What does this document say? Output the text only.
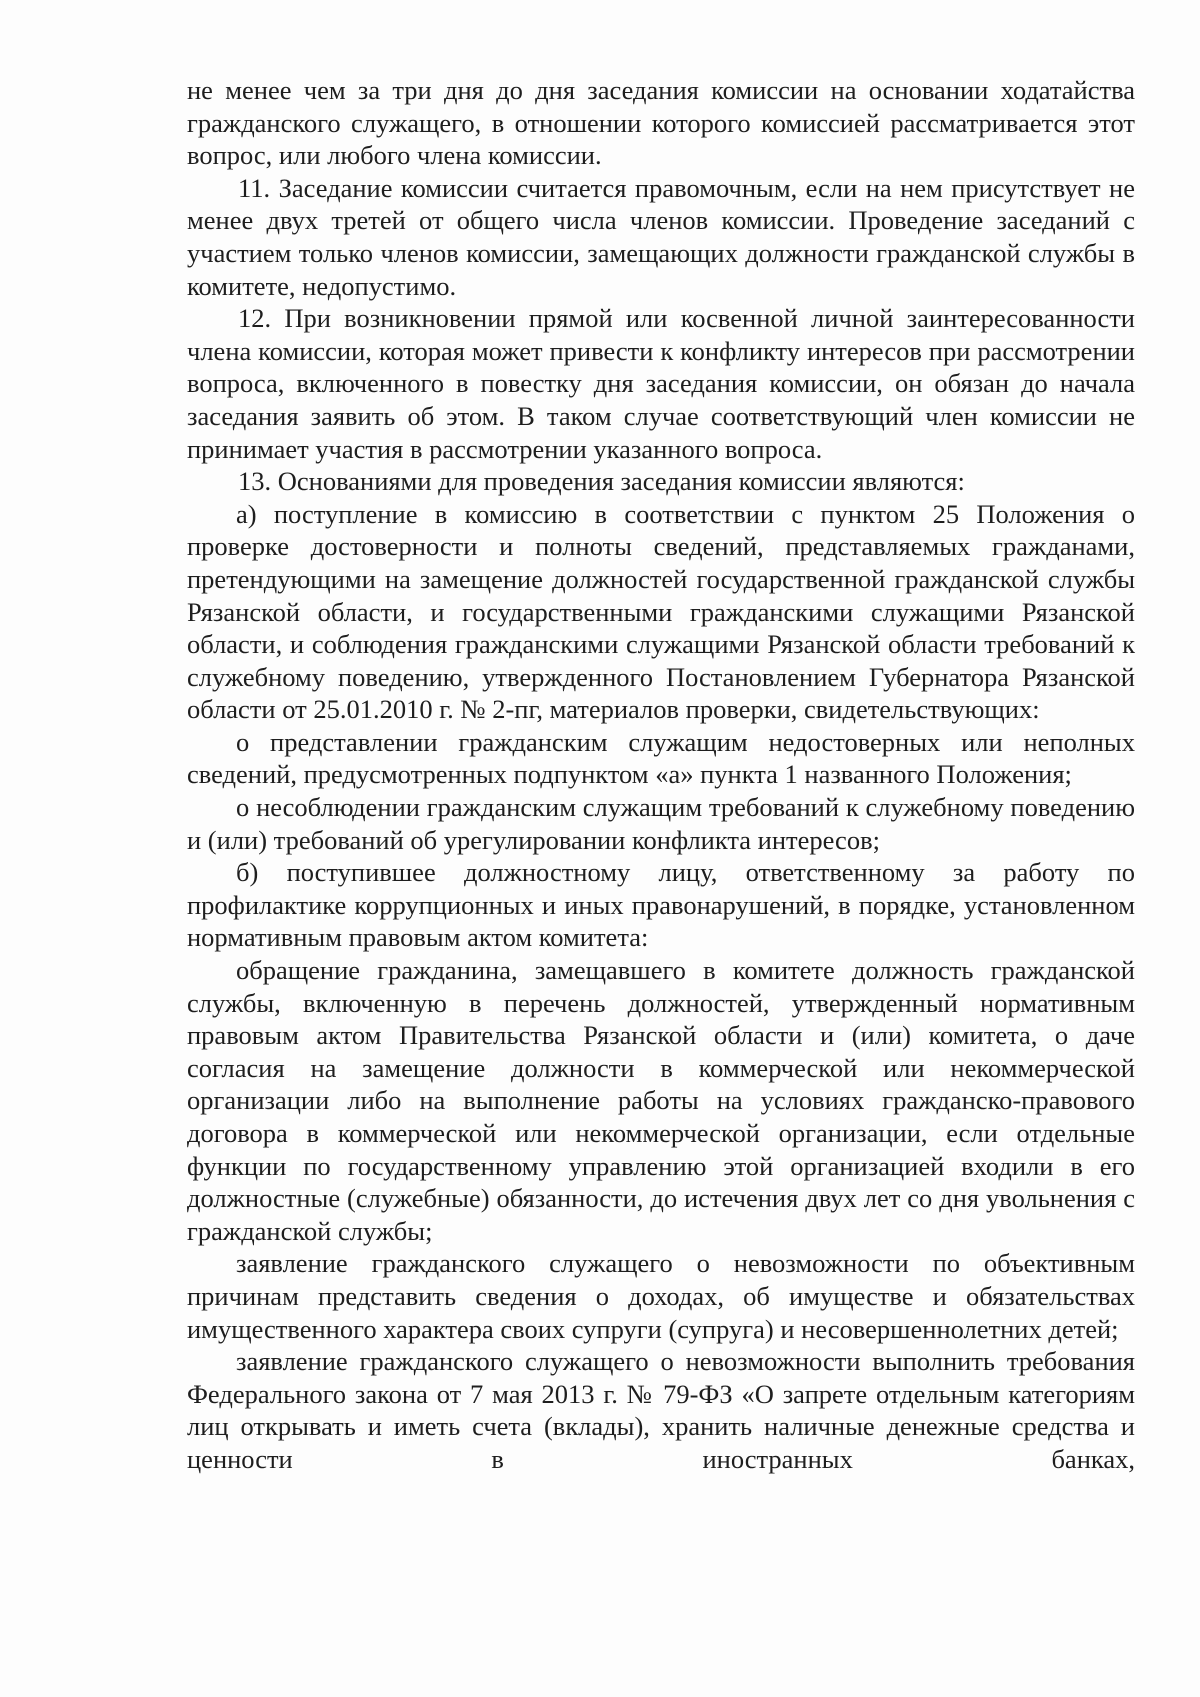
не менее чем за три дня до дня заседания комиссии на основании ходатайства гражданского служащего, в отношении которого комиссией рассматривается этот вопрос, или любого члена комиссии.

11. Заседание комиссии считается правомочным, если на нем присутствует не менее двух третей от общего числа членов комиссии. Проведение заседаний с участием только членов комиссии, замещающих должности гражданской службы в комитете, недопустимо.

12. При возникновении прямой или косвенной личной заинтересованности члена комиссии, которая может привести к конфликту интересов при рассмотрении вопроса, включенного в повестку дня заседания комиссии, он обязан до начала заседания заявить об этом. В таком случае соответствующий член комиссии не принимает участия в рассмотрении указанного вопроса.

13. Основаниями для проведения заседания комиссии являются:

а) поступление в комиссию в соответствии с пунктом 25 Положения о проверке достоверности и полноты сведений, представляемых гражданами, претендующими на замещение должностей государственной гражданской службы Рязанской области, и государственными гражданскими служащими Рязанской области, и соблюдения гражданскими служащими Рязанской области требований к служебному поведению, утвержденного Постановлением Губернатора Рязанской области от 25.01.2010 г. № 2-пг, материалов проверки, свидетельствующих:

о представлении гражданским служащим недостоверных или неполных сведений, предусмотренных подпунктом «а» пункта 1 названного Положения;

о несоблюдении гражданским служащим требований к служебному поведению и (или) требований об урегулировании конфликта интересов;

б) поступившее должностному лицу, ответственному за работу по профилактике коррупционных и иных правонарушений, в порядке, установленном нормативным правовым актом комитета:

обращение гражданина, замещавшего в комитете должность гражданской службы, включенную в перечень должностей, утвержденный нормативным правовым актом Правительства Рязанской области и (или) комитета, о даче согласия на замещение должности в коммерческой или некоммерческой организации либо на выполнение работы на условиях гражданско-правового договора в коммерческой или некоммерческой организации, если отдельные функции по государственному управлению этой организацией входили в его должностные (служебные) обязанности, до истечения двух лет со дня увольнения с гражданской службы;

заявление гражданского служащего о невозможности по объективным причинам представить сведения о доходах, об имуществе и обязательствах имущественного характера своих супруги (супруга) и несовершеннолетних детей;

заявление гражданского служащего о невозможности выполнить требования Федерального закона от 7 мая 2013 г. № 79-ФЗ «О запрете отдельным категориям лиц открывать и иметь счета (вклады), хранить наличные денежные средства и ценности в иностранных банках,
